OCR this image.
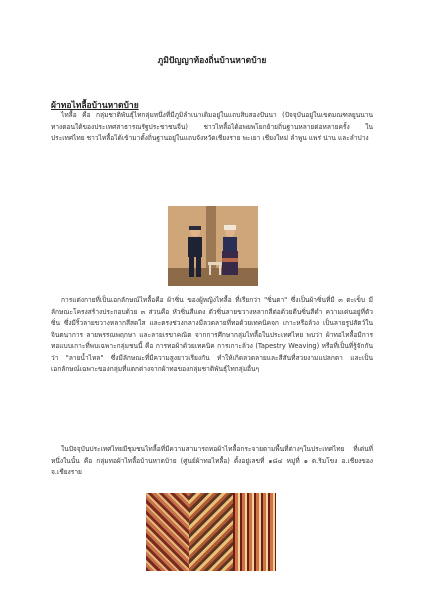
ภูมิปัญญาท้องถิ่นบ้านหาดบ้าย
ผ้าทอไทลื้อบ้านหาดบ้าย

ไทลื้อ คือ กลุ่มชาติพันธุ์ไทกลุ่มหนึ่งที่มีภูมิลำเนาเดิมอยู่ในแถบสิบสองปันนา (ปัจจุบันอยู่ในเขตมณฑลยูนนาน ทางตอนใต้ของประเทศสาธารณรัฐประชาชนจีน) ชาวไทลื้อได้อพยพโยกย้ายถิ่นฐานหลายต่อหลายครั้ง ในประเทศไทย ชาวไทลื้อได้เข้ามาตั้งถิ่นฐานอยู่ในแถบจังหวัดเชียงราย พะเยา เชียงใหม่ ลำพูน แพร่ น่าน และลำปาง

การแต่งกายที่เป็นเอกลักษณ์ไทลื้อคือ ผ้าซิ่น ของผู้หญิงไทลื้อ ที่เรียกว่า "ซิ่นตา" ซึ่งเป็นผ้าซิ่นที่มี ๓ ตะเข็บ มีลักษณะโครงสร้างประกอบด้วย ๓ ส่วนคือ หัวซิ่นสีแดง ตัวซิ่นลายขวางหลากสีต่อด้วยตีนซิ่นสีดำ ความเด่นอยู่ที่ตัวซิ่น ซึ่งมีริ้วลายขวางหลากสีสดใส และตรงช่วงกลางมีลวดลายที่ทอด้วยเทคนิคจก เกาะหรือล้วง เป็นลายรูปสัตว์ในจินตนาการ ลายพรรณพฤกษา และลายเรขาคณิต จากการศึกษากลุ่มไทลื้อในประเทศไทย พบว่า ผ้าทอไทลื้อมีการทอแบบเกาะที่พบเฉพาะกลุ่มชนนี้ คือ การทอผ้าด้วยเทคนิค การเกาะล้วง (Tapestry Weaving) หรือที่เป็นที่รู้จักกันว่า "ลายน้ำไหล" ซึ่งมีลักษณะที่มีความสูงยาวเรียงกัน ทำให้เกิดลวดลายและสีสันที่สวยงามแปลกตา และเป็นเอกลักษณ์เฉพาะของกลุ่มที่แตกต่างจากผ้าทอของกลุ่มชาติพันธุ์ไทกลุ่มอื่นๆ

ในปัจจุบันประเทศไทยมีชุมชนไทลื้อที่มีความสามารถทอผ้าไทลื้อกระจายตามพื้นที่ต่างๆในประเทศไทย ที่เด่นที่หนึ่งในนั้น คือ กลุ่มทอผ้าไทลื้อบ้านหาดบ้าย (ศูนย์ผ้าทอไทลื้อ) ตั้งอยู่เลขที่ ๑๘๔ หมู่ที่ ๑ ต.ริมโขง อ.เชียงของ จ.เชียงราย
